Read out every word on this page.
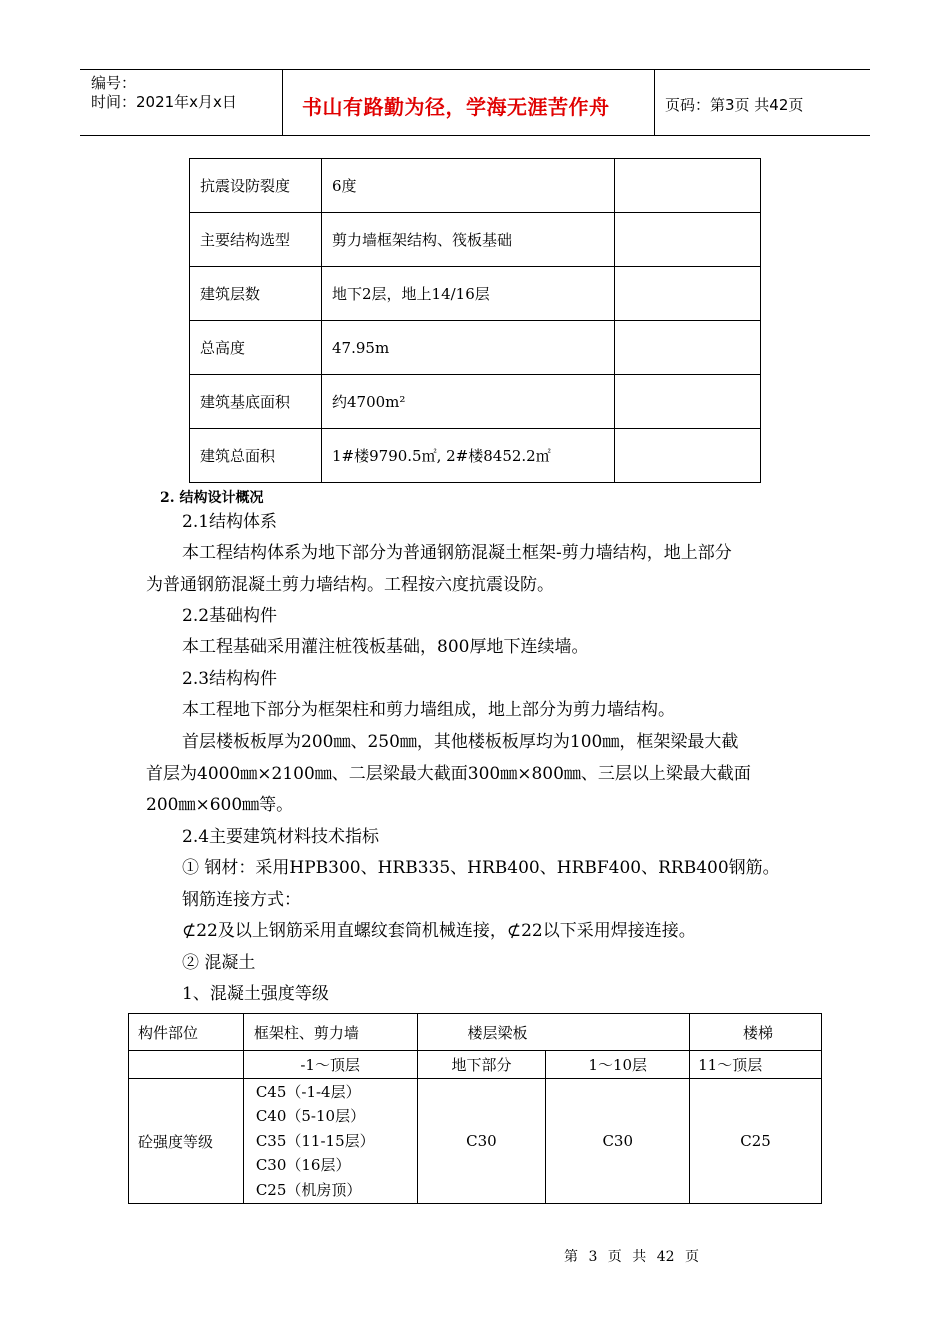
编号：
时间：2021年x月x日	书山有路勤为径，学海无涯苦作舟	页码：第3页 共42页
抗震设防裂度	6度	
主要结构选型	剪力墙框架结构、筏板基础	
建筑层数	地下2层，地上14/16层	
总高度	47.95m	
建筑基底面积	约4700m²	
建筑总面积	1#楼9790.5㎡, 2#楼8452.2㎡	
2. 结构设计概况
2.1结构体系
本工程结构体系为地下部分为普通钢筋混凝土框架-剪力墙结构，地上部分
为普通钢筋混凝土剪力墙结构。工程按六度抗震设防。
2.2基础构件
本工程基础采用灌注桩筏板基础，800厚地下连续墙。
2.3结构构件
本工程地下部分为框架柱和剪力墙组成，地上部分为剪力墙结构。
首层楼板板厚为200㎜、250㎜，其他楼板板厚均为100㎜，框架梁最大截
首层为4000㎜×2100㎜、二层梁最大截面300㎜×800㎜、三层以上梁最大截面
200㎜×600㎜等。
2.4主要建筑材料技术指标
① 钢材：采用HPB300、HRB335、HRB400、HRBF400、RRB400钢筋。
钢筋连接方式：
⊄22及以上钢筋采用直螺纹套筒机械连接，⊄22以下采用焊接连接。
② 混凝土
1、混凝土强度等级
构件部位	框架柱、剪力墙	楼层梁板		楼梯
	-1～顶层	地下部分	1～10层	11～顶层
砼强度等级	C45（-1-4层）
C40（5-10层）
C35（11-15层）
C30（16层）
C25（机房顶）	C30	C30	C25
第 3 页 共 42 页
